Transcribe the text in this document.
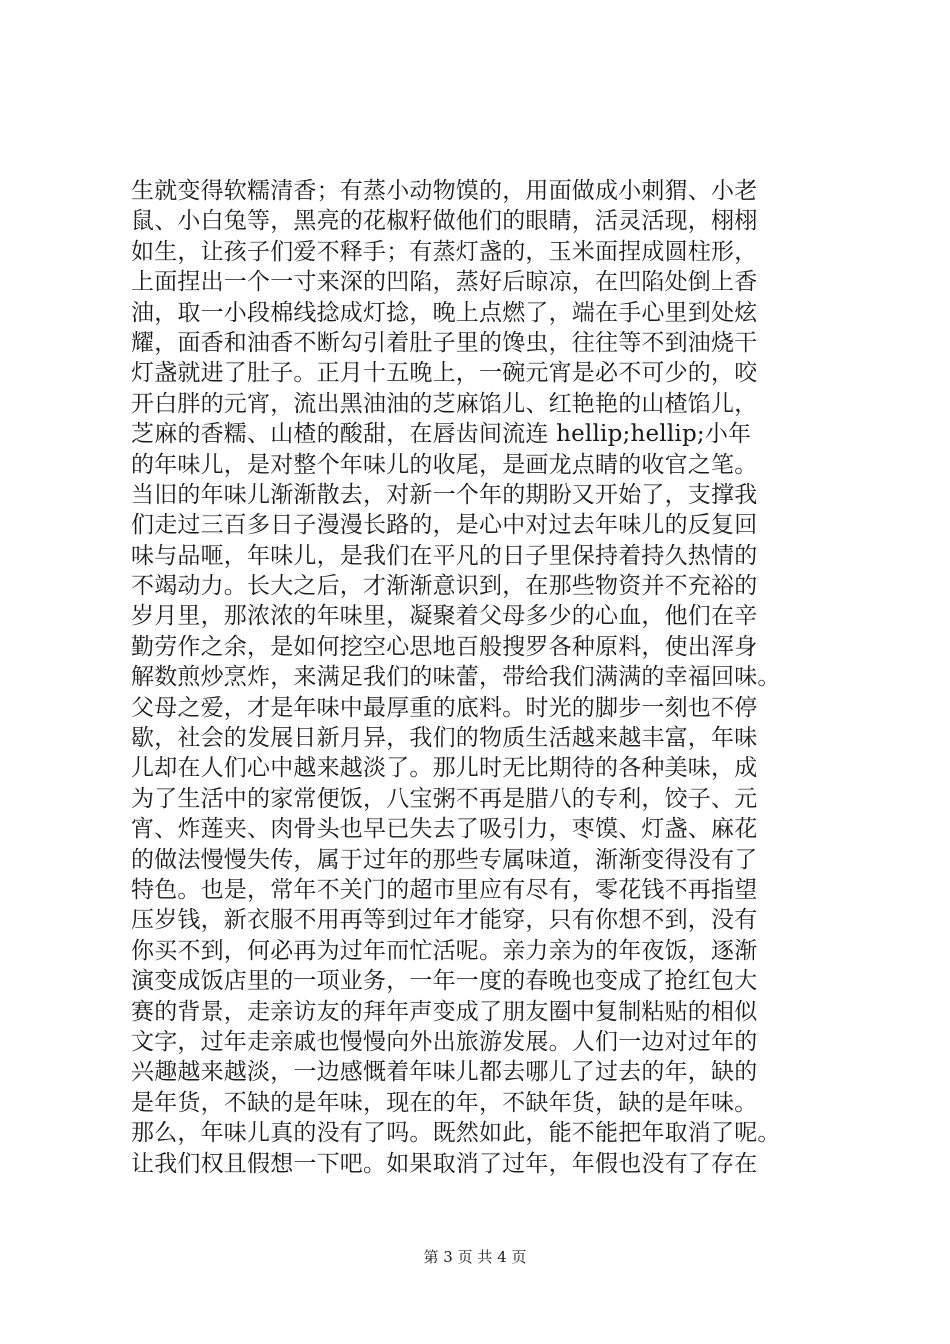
生就变得软糯清香；有蒸小动物馍的，用面做成小刺猬、小老
鼠、小白兔等，黑亮的花椒籽做他们的眼睛，活灵活现，栩栩
如生，让孩子们爱不释手；有蒸灯盏的，玉米面捏成圆柱形，
上面捏出一个一寸来深的凹陷，蒸好后晾凉，在凹陷处倒上香
油，取一小段棉线捻成灯捻，晚上点燃了，端在手心里到处炫
耀，面香和油香不断勾引着肚子里的馋虫，往往等不到油烧干
灯盏就进了肚子。正月十五晚上，一碗元宵是必不可少的，咬
开白胖的元宵，流出黑油油的芝麻馅儿、红艳艳的山楂馅儿，
芝麻的香糯、山楂的酸甜，在唇齿间流连 hellip;hellip;小年
的年味儿，是对整个年味儿的收尾，是画龙点睛的收官之笔。
当旧的年味儿渐渐散去，对新一个年的期盼又开始了，支撑我
们走过三百多日子漫漫长路的，是心中对过去年味儿的反复回
味与品咂，年味儿，是我们在平凡的日子里保持着持久热情的
不竭动力。长大之后，才渐渐意识到，在那些物资并不充裕的
岁月里，那浓浓的年味里，凝聚着父母多少的心血，他们在辛
勤劳作之余，是如何挖空心思地百般搜罗各种原料，使出浑身
解数煎炒烹炸，来满足我们的味蕾，带给我们满满的幸福回味。
父母之爱，才是年味中最厚重的底料。时光的脚步一刻也不停
歇，社会的发展日新月异，我们的物质生活越来越丰富，年味
儿却在人们心中越来越淡了。那儿时无比期待的各种美味，成
为了生活中的家常便饭，八宝粥不再是腊八的专利，饺子、元
宵、炸莲夹、肉骨头也早已失去了吸引力，枣馍、灯盏、麻花
的做法慢慢失传，属于过年的那些专属味道，渐渐变得没有了
特色。也是，常年不关门的超市里应有尽有，零花钱不再指望
压岁钱，新衣服不用再等到过年才能穿，只有你想不到，没有
你买不到，何必再为过年而忙活呢。亲力亲为的年夜饭，逐渐
演变成饭店里的一项业务，一年一度的春晚也变成了抢红包大
赛的背景，走亲访友的拜年声变成了朋友圈中复制粘贴的相似
文字，过年走亲戚也慢慢向外出旅游发展。人们一边对过年的
兴趣越来越淡，一边感慨着年味儿都去哪儿了过去的年，缺的
是年货，不缺的是年味，现在的年，不缺年货，缺的是年味。
那么，年味儿真的没有了吗。既然如此，能不能把年取消了呢。
让我们权且假想一下吧。如果取消了过年，年假也没有了存在
第 3 页 共 4 页
